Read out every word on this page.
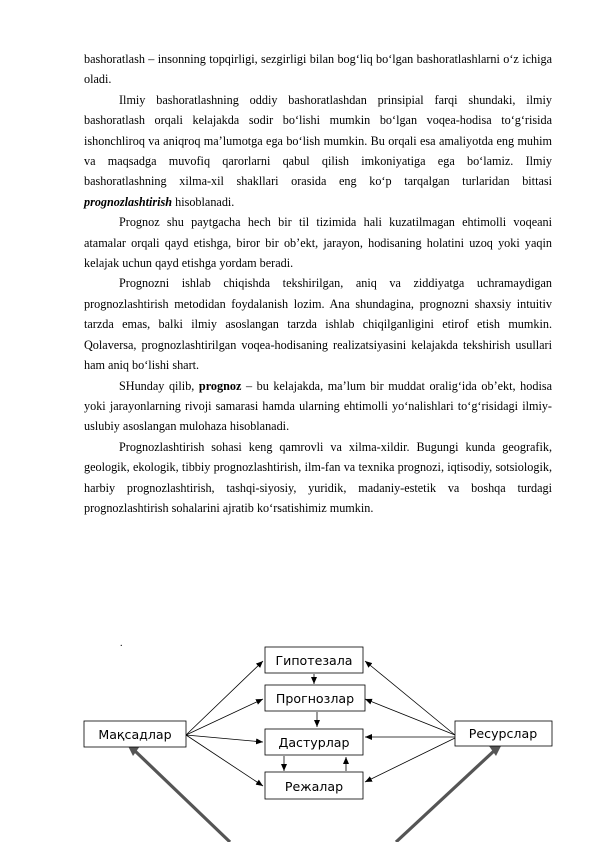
bashoratlash – insonning topqirligi, sezgirligi bilan bog‘liq bo‘lgan bashoratlashlarni o‘z ichiga oladi.

Ilmiy bashoratlashning oddiy bashoratlashdan prinsipial farqi shundaki, ilmiy bashoratlash orqali kelajakda sodir bo‘lishi mumkin bo‘lgan voqea-hodisa to‘g‘risida ishonchliroq va aniqroq ma’lumotga ega bo‘lish mumkin. Bu orqali esa amaliyotda eng muhim va maqsadga muvofiq qarorlarni qabul qilish imkoniyatiga ega bo‘lamiz. Ilmiy bashoratlashning xilma-xil shakllari orasida eng ko‘p tarqalgan turlaridan bittasi prognozlashtirish hisoblanadi.

Prognoz shu paytgacha hech bir til tizimida hali kuzatilmagan ehtimolli voqeani atamalar orqali qayd etishga, biror bir ob’ekt, jarayon, hodisaning holatini uzoq yoki yaqin kelajak uchun qayd etishga yordam beradi.

Prognozni ishlab chiqishda tekshirilgan, aniq va ziddiyatga uchramaydigan prognozlashtirish metodidan foydalanish lozim. Ana shundagina, prognozni shaxsiy intuitiv tarzda emas, balki ilmiy asoslangan tarzda ishlab chiqilganligini etirof etish mumkin. Qolaversa, prognozlashtirilgan voqea-hodisaning realizatsiyasini kelajakda tekshirish usullari ham aniq bo‘lishi shart.

SHunday qilib, prognoz – bu kelajakda, ma’lum bir muddat oralig‘ida ob’ekt, hodisa yoki jarayonlarning rivoji samarasi hamda ularning ehtimolli yo‘nalishlari to‘g‘risidagi ilmiy-uslubiy asoslangan mulohaza hisoblanadi.

Prognozlashtirish sohasi keng qamrovli va xilma-xildir. Bugungi kunda geografik, geologik, ekologik, tibbiy prognozlashtirish, ilm-fan va texnika prognozi, iqtisodiy, sotsiologik, harbiy prognozlashtirish, tashqi-siyosiy, yuridik, madaniy-estetik va boshqa turdagi prognozlashtirish sohalarini ajratib ko‘rsatishimiz mumkin.

.
Гипотезала
Прогнозлар
Дастурлар
Режалар
Мақсадлар	Ресурслар
